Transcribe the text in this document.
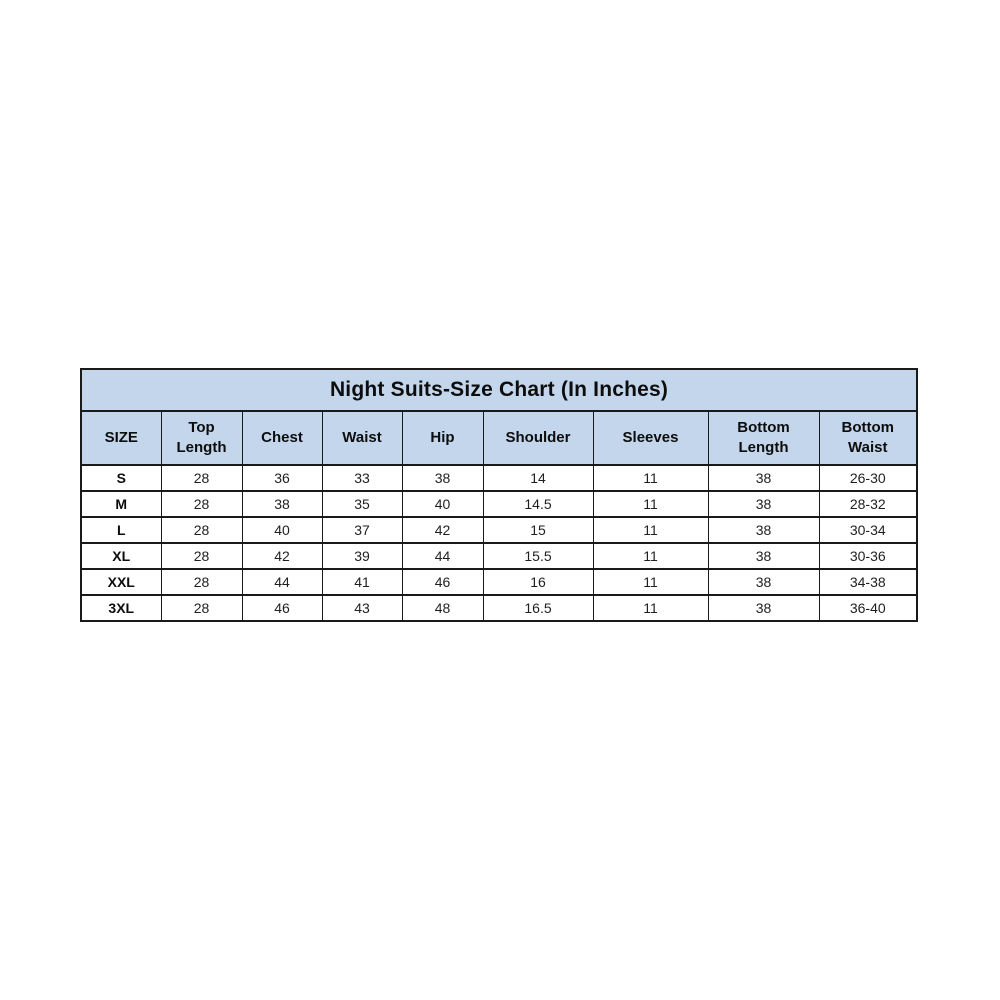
Night Suits-Size Chart (In Inches)								
SIZE	Top Length	Chest	Waist	Hip	Shoulder	Sleeves	Bottom Length	Bottom Waist
S	28	36	33	38	14	11	38	26-30
M	28	38	35	40	14.5	11	38	28-32
L	28	40	37	42	15	11	38	30-34
XL	28	42	39	44	15.5	11	38	30-36
XXL	28	44	41	46	16	11	38	34-38
3XL	28	46	43	48	16.5	11	38	36-40
